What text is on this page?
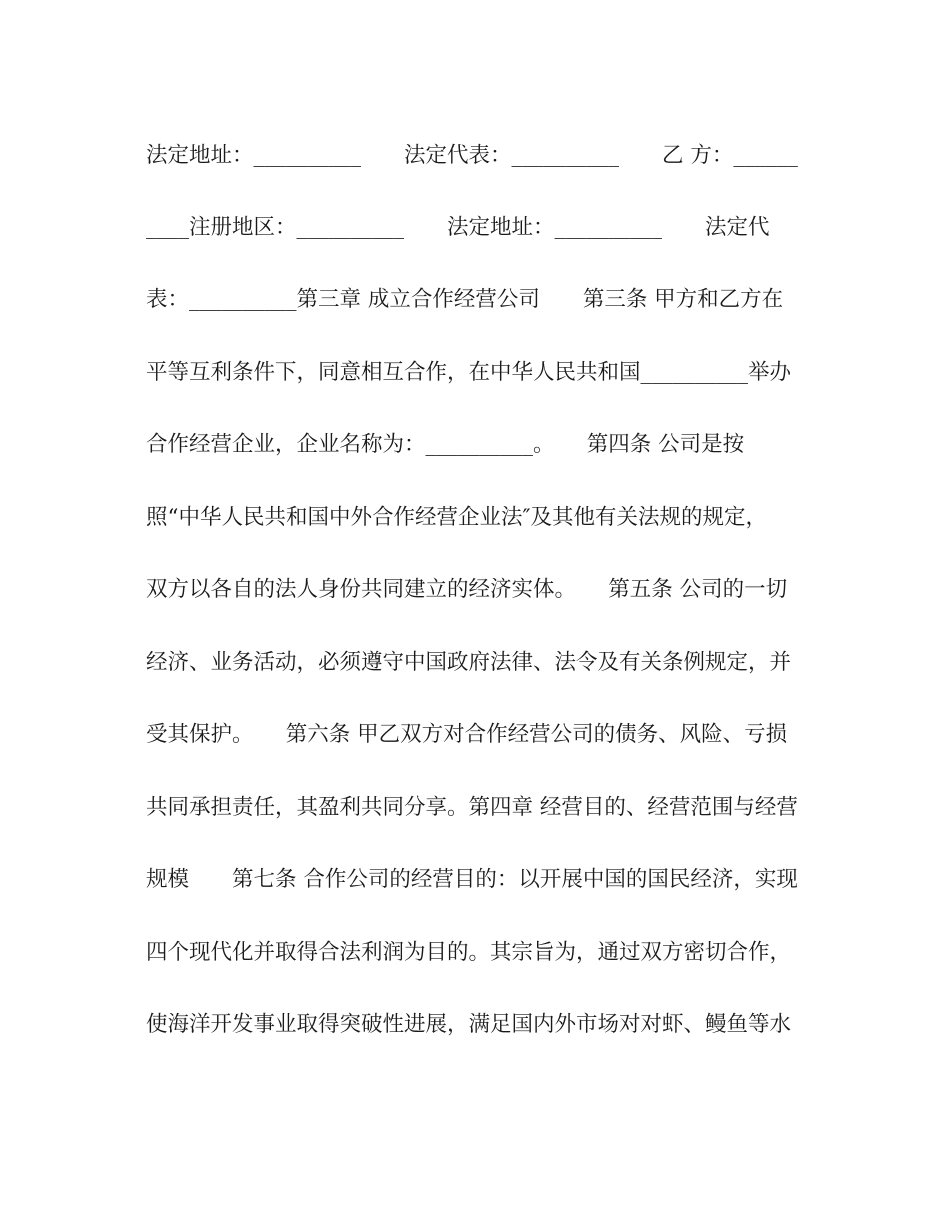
法定地址：__________　　法定代表：__________　　乙 方：______
____注册地区：__________　　法定地址：__________　　法定代
表：__________第三章 成立合作经营公司　　第三条 甲方和乙方在
平等互利条件下，同意相互合作，在中华人民共和国__________举办
合作经营企业，企业名称为：__________。　　第四条 公司是按
照“中华人民共和国中外合作经营企业法″及其他有关法规的规定，
双方以各自的法人身份共同建立的经济实体。　　第五条 公司的一切
经济、业务活动，必须遵守中国政府法律、法令及有关条例规定，并
受其保护。　　第六条 甲乙双方对合作经营公司的债务、风险、亏损
共同承担责任，其盈利共同分享。第四章 经营目的、经营范围与经营
规模　　第七条 合作公司的经营目的：以开展中国的国民经济，实现
四个现代化并取得合法利润为目的。其宗旨为，通过双方密切合作，
使海洋开发事业取得突破性进展，满足国内外市场对对虾、鳗鱼等水
